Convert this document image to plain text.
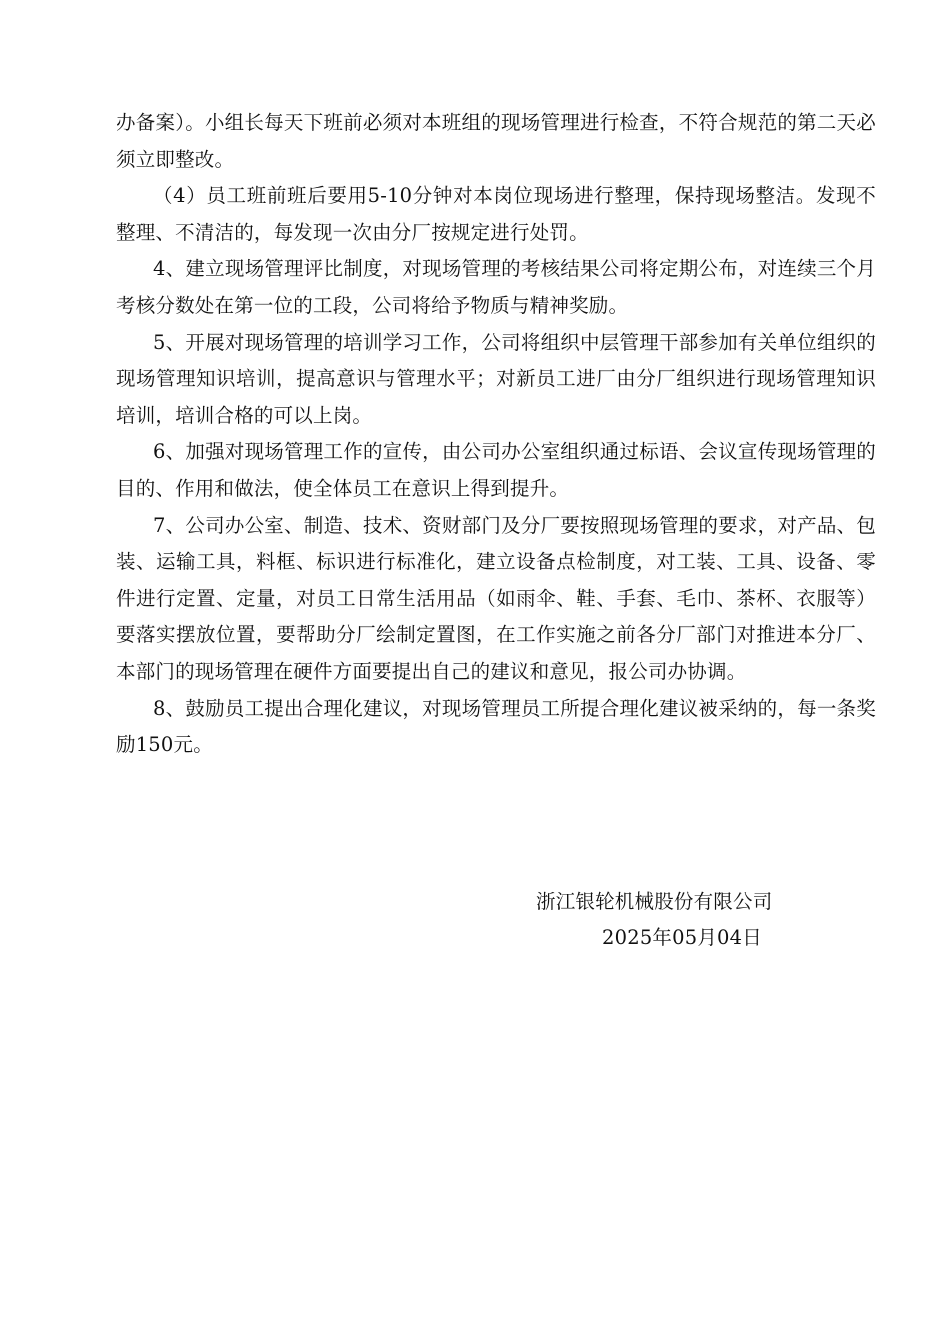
办备案）。小组长每天下班前必须对本班组的现场管理进行检查，不符合规范的第二天必须立即整改。

（4）员工班前班后要用5-10分钟对本岗位现场进行整理，保持现场整洁。发现不整理、不清洁的，每发现一次由分厂按规定进行处罚。

4、建立现场管理评比制度，对现场管理的考核结果公司将定期公布，对连续三个月考核分数处在第一位的工段，公司将给予物质与精神奖励。

5、开展对现场管理的培训学习工作，公司将组织中层管理干部参加有关单位组织的现场管理知识培训，提高意识与管理水平；对新员工进厂由分厂组织进行现场管理知识培训，培训合格的可以上岗。

6、加强对现场管理工作的宣传，由公司办公室组织通过标语、会议宣传现场管理的目的、作用和做法，使全体员工在意识上得到提升。

7、公司办公室、制造、技术、资财部门及分厂要按照现场管理的要求，对产品、包装、运输工具，料框、标识进行标准化，建立设备点检制度，对工装、工具、设备、零件进行定置、定量，对员工日常生活用品（如雨伞、鞋、手套、毛巾、茶杯、衣服等）要落实摆放位置，要帮助分厂绘制定置图，在工作实施之前各分厂部门对推进本分厂、本部门的现场管理在硬件方面要提出自己的建议和意见，报公司办协调。

8、鼓励员工提出合理化建议，对现场管理员工所提合理化建议被采纳的，每一条奖励150元。

浙江银轮机械股份有限公司
2025年05月04日
